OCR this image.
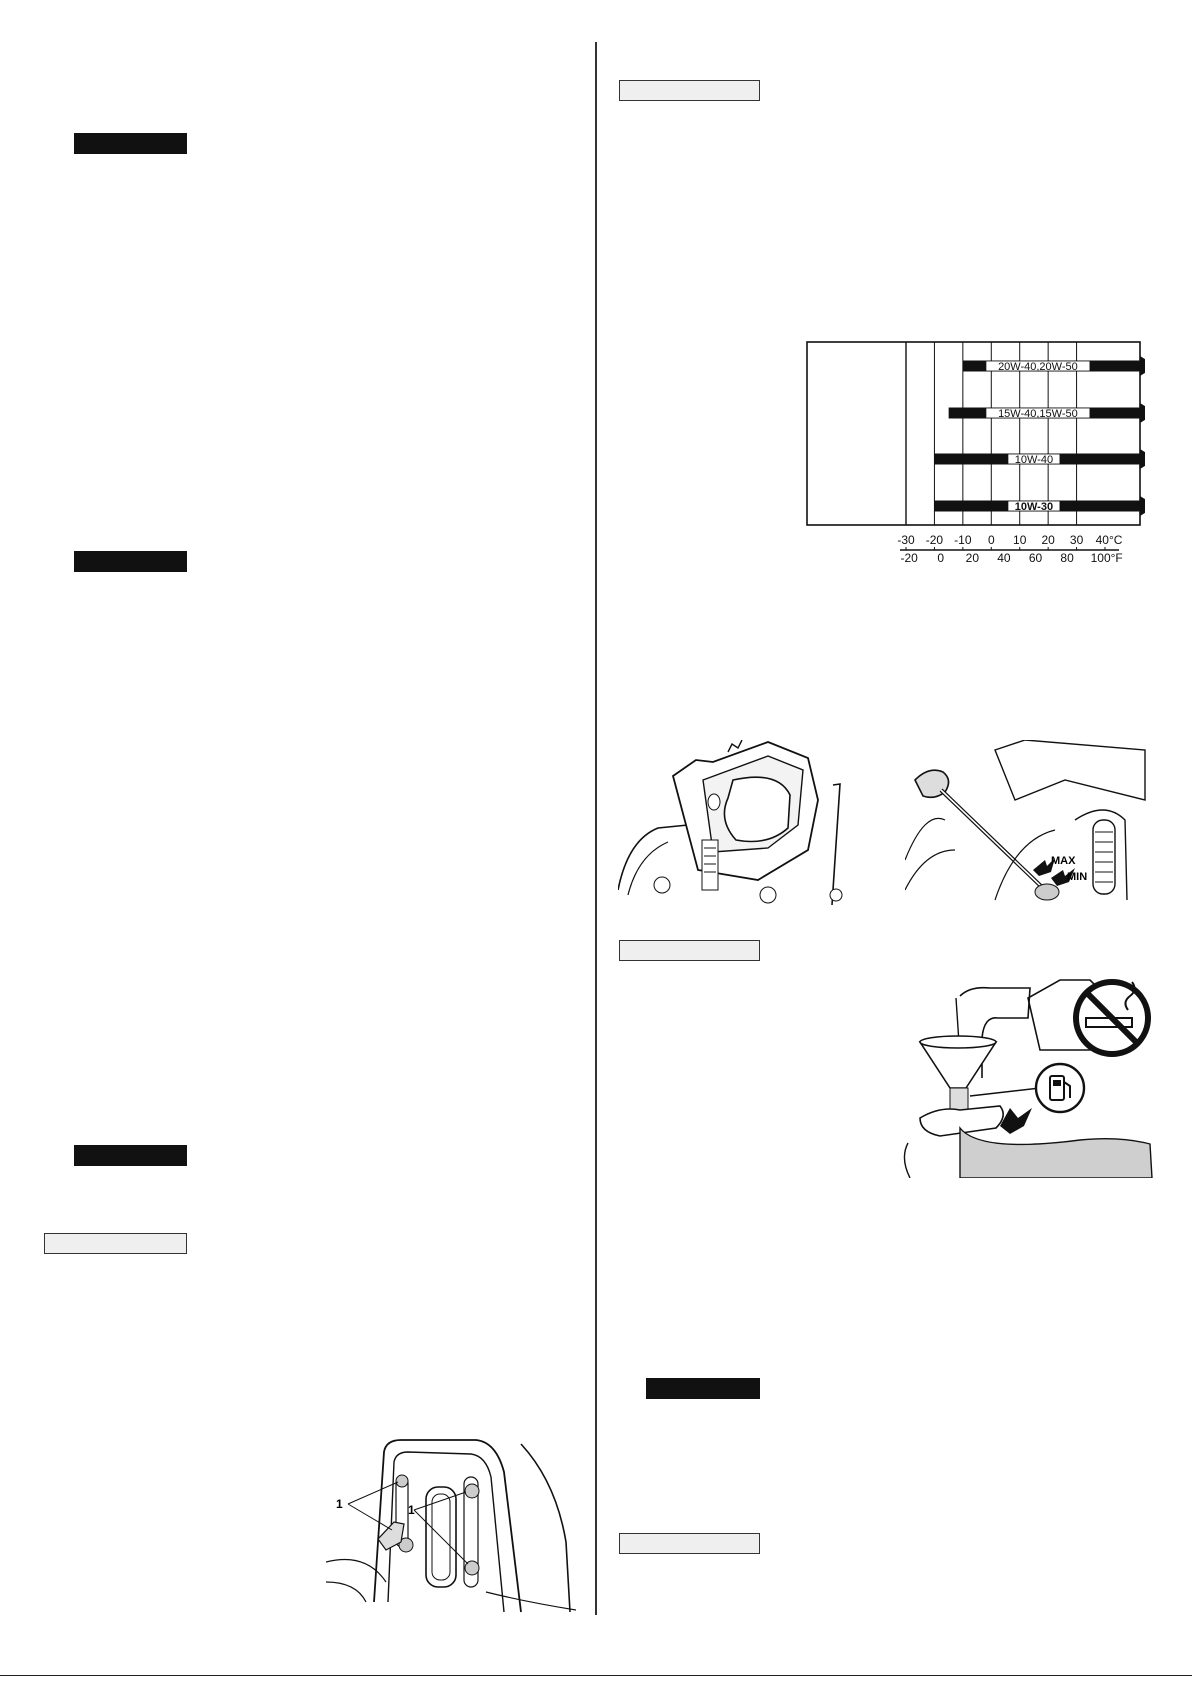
20W-40,20W-50
15W-40,15W-50
10W-40
10W-30
-30 -20 -10 0 10 20 30 40°C
-20 0 20 40 60 80 100°F
1	1
MAX
MIN
